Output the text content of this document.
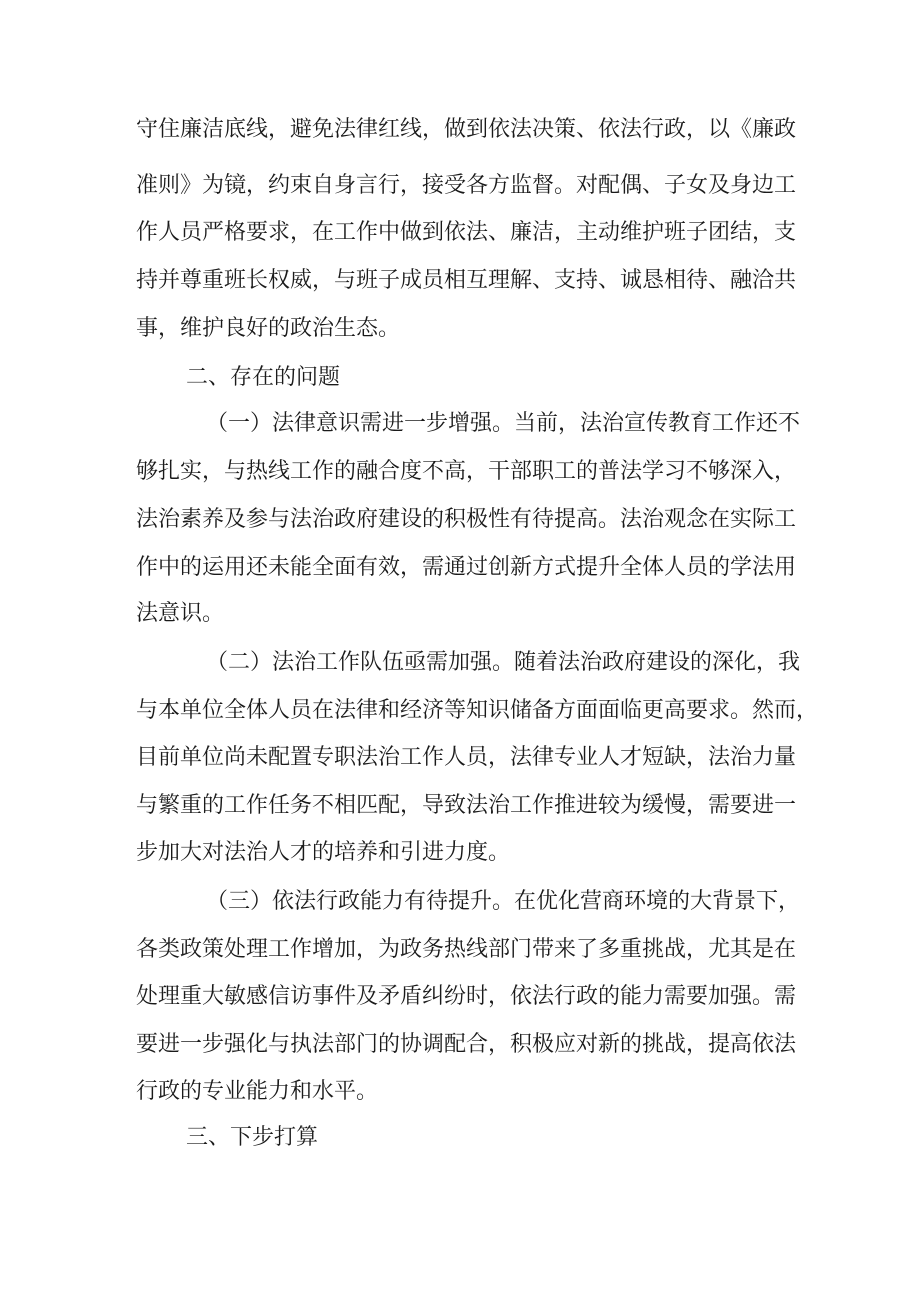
守住廉洁底线，避免法律红线，做到依法决策、依法行政，以《廉政
准则》为镜，约束自身言行，接受各方监督。对配偶、子女及身边工
作人员严格要求，在工作中做到依法、廉洁，主动维护班子团结，支
持并尊重班长权威，与班子成员相互理解、支持、诚恳相待、融洽共
事，维护良好的政治生态。
二、存在的问题
（一）法律意识需进一步增强。当前，法治宣传教育工作还不
够扎实，与热线工作的融合度不高，干部职工的普法学习不够深入，
法治素养及参与法治政府建设的积极性有待提高。法治观念在实际工
作中的运用还未能全面有效，需通过创新方式提升全体人员的学法用
法意识。
（二）法治工作队伍亟需加强。随着法治政府建设的深化，我
与本单位全体人员在法律和经济等知识储备方面面临更高要求。然而，
目前单位尚未配置专职法治工作人员，法律专业人才短缺，法治力量
与繁重的工作任务不相匹配，导致法治工作推进较为缓慢，需要进一
步加大对法治人才的培养和引进力度。
（三）依法行政能力有待提升。在优化营商环境的大背景下，
各类政策处理工作增加，为政务热线部门带来了多重挑战，尤其是在
处理重大敏感信访事件及矛盾纠纷时，依法行政的能力需要加强。需
要进一步强化与执法部门的协调配合，积极应对新的挑战，提高依法
行政的专业能力和水平。
三、下步打算
